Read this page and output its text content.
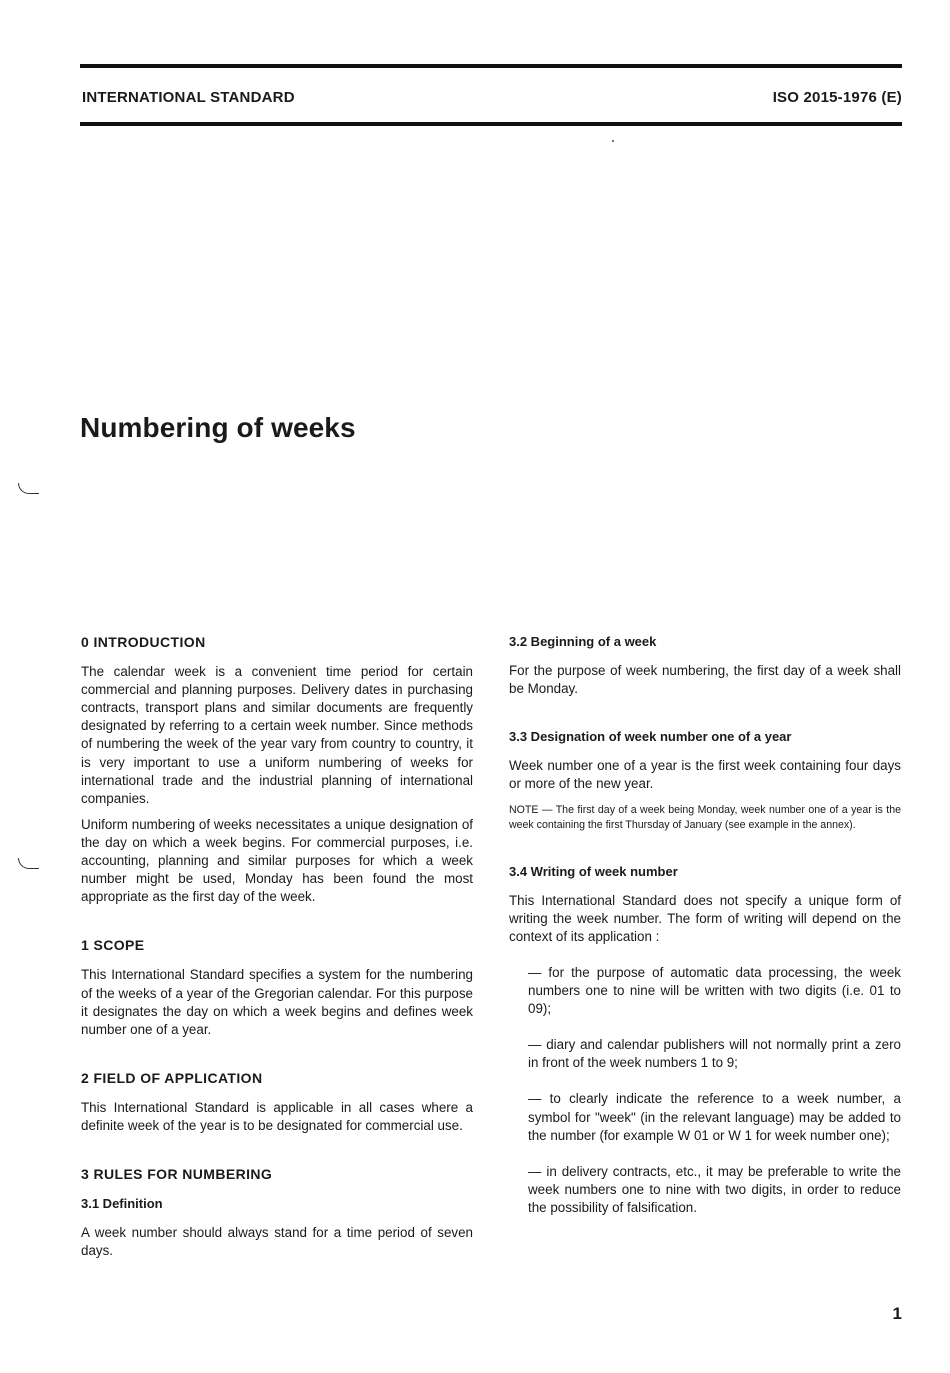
INTERNATIONAL STANDARD	ISO 2015-1976 (E)
Numbering of weeks
0 INTRODUCTION

The calendar week is a convenient time period for certain commercial and planning purposes. Delivery dates in purchasing contracts, transport plans and similar documents are frequently designated by referring to a certain week number. Since methods of numbering the week of the year vary from country to country, it is very important to use a uniform numbering of weeks for international trade and the industrial planning of international companies.

Uniform numbering of weeks necessitates a unique designation of the day on which a week begins. For commercial purposes, i.e. accounting, planning and similar purposes for which a week number might be used, Monday has been found the most appropriate as the first day of the week.

1 SCOPE

This International Standard specifies a system for the numbering of the weeks of a year of the Gregorian calendar. For this purpose it designates the day on which a week begins and defines week number one of a year.

2 FIELD OF APPLICATION

This International Standard is applicable in all cases where a definite week of the year is to be designated for commercial use.

3 RULES FOR NUMBERING
3.1 Definition

A week number should always stand for a time period of seven days.

3.2 Beginning of a week

For the purpose of week numbering, the first day of a week shall be Monday.

3.3 Designation of week number one of a year

Week number one of a year is the first week containing four days or more of the new year.

NOTE — The first day of a week being Monday, week number one of a year is the week containing the first Thursday of January (see example in the annex).

3.4 Writing of week number

This International Standard does not specify a unique form of writing the week number. The form of writing will depend on the context of its application :

— for the purpose of automatic data processing, the week numbers one to nine will be written with two digits (i.e. 01 to 09);

— diary and calendar publishers will not normally print a zero in front of the week numbers 1 to 9;

— to clearly indicate the reference to a week number, a symbol for "week" (in the relevant language) may be added to the number (for example W 01 or W 1 for week number one);

— in delivery contracts, etc., it may be preferable to write the week numbers one to nine with two digits, in order to reduce the possibility of falsification.

1
